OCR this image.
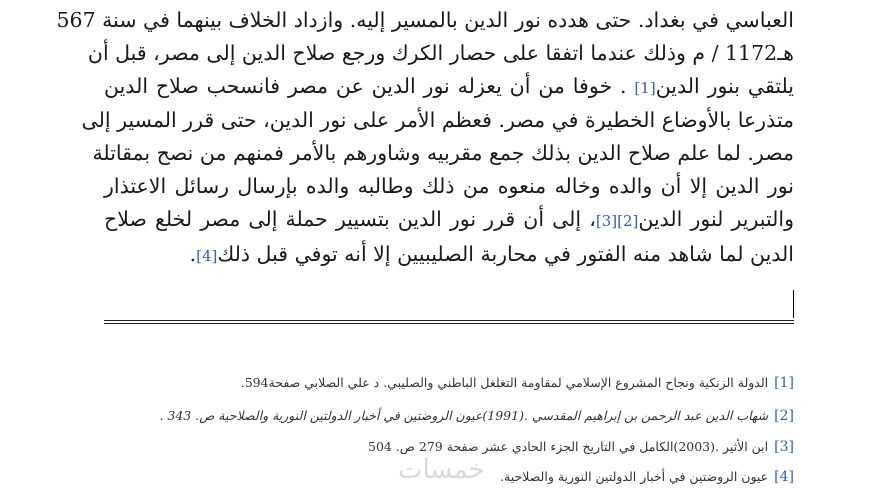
العباسي في بغداد. حتى هدده نور الدين بالمسير إليه. وازداد الخلاف بينهما في سنة 567
هـ1172 / م وذلك عندما اتفقا على حصار الكرك ورجع صلاح الدين إلى مصر، قبل أن
يلتقي بنور الدين[1] . خوفا من أن يعزله نور الدين عن مصر فانسحب صلاح الدين
متذرعا بالأوضاع الخطيرة في مصر. فعظم الأمر على نور الدين، حتى قرر المسير إلى
مصر. لما علم صلاح الدين بذلك جمع مقربيه وشاورهم بالأمر فمنهم من نصح بمقاتلة
نور الدين إلا أن والده وخاله منعوه من ذلك وطالبه والده بإرسال رسائل الاعتذار
والتبرير لنور الدين[2][3]، إلى أن قرر نور الدين بتسيير حملة إلى مصر لخلع صلاح
الدين لما شاهد منه الفتور في محاربة الصليبيين إلا أنه توفي قبل ذلك[4].
[1]الدولة الزنكية ونجاح المشروع الإسلامي لمقاومة التغلغل الباطني والصليبي. د علي الصلابي صفحة594.
[2]شهاب الدين عبد الرحمن بن إبراهيم المقدسي .(1991)عيون الروضتين في أخبار الدولتين النورية والصلاحية ص. 343 .
[3]ابن الأثير .(2003)الكامل في التاريخ الجزء الحادي عشر صفحة 279 ص. 504
[4]عيون الروضتين في أخبار الدولتين النورية والصلاحية.
خمسات
